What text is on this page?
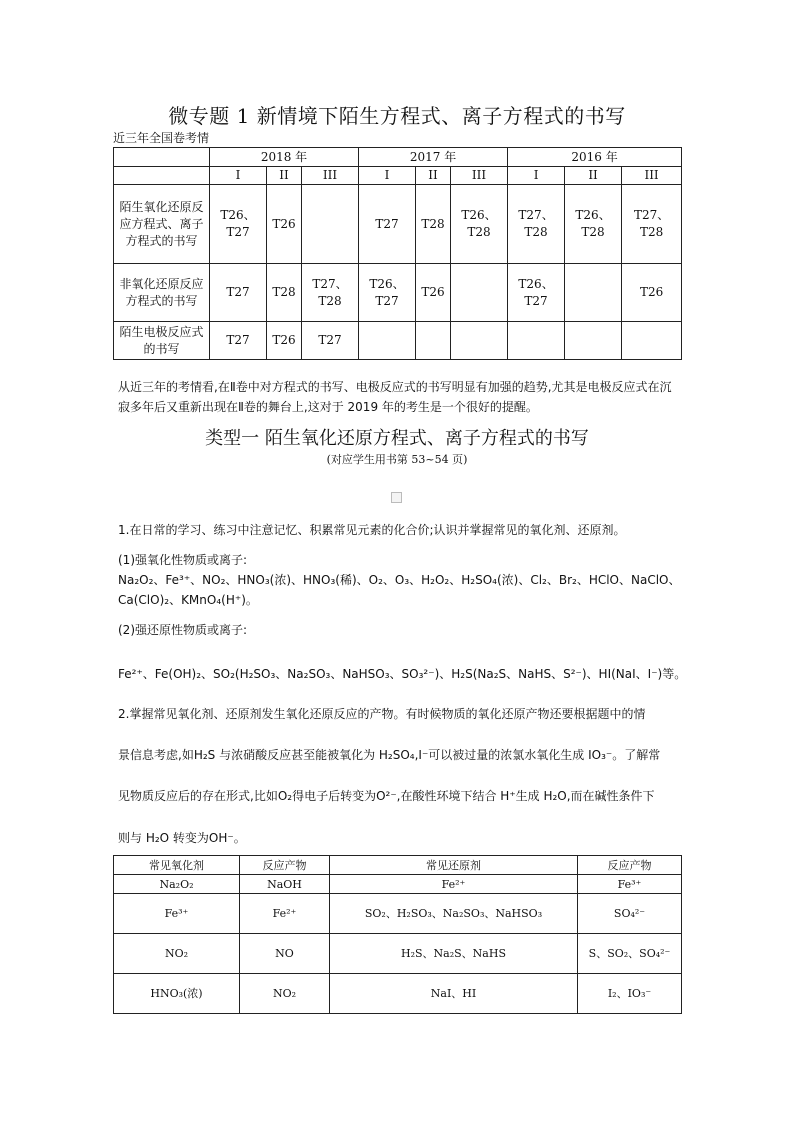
微专题 1 新情境下陌生方程式、离子方程式的书写
近三年全国卷考情
	2018 年			2017 年			2016 年		
	I	II	III	I	II	III	I	II	III
陌生氧化还原反应方程式、离子方程式的书写	T26、T27	T26		T27	T28	T26、T28	T27、T28	T26、T28	T27、T28
非氧化还原反应方程式的书写	T27	T28	T27、T28	T26、T27	T26		T26、T27		T26
陌生电极反应式的书写	T27	T26	T27						
从近三年的考情看,在Ⅱ卷中对方程式的书写、电极反应式的书写明显有加强的趋势,尤其是电极反应式在沉寂多年后又重新出现在Ⅱ卷的舞台上,这对于 2019 年的考生是一个很好的提醒。
类型一 陌生氧化还原方程式、离子方程式的书写
(对应学生用书第 53~54 页)
1.在日常的学习、练习中注意记忆、积累常见元素的化合价;认识并掌握常见的氧化剂、还原剂。
(1)强氧化性物质或离子:
Na₂O₂、Fe³⁺、NO₂、HNO₃(浓)、HNO₃(稀)、O₂、O₃、H₂O₂、H₂SO₄(浓)、Cl₂、Br₂、HClO、NaClO、
Ca(ClO)₂、KMnO₄(H⁺)。
(2)强还原性物质或离子:
Fe²⁺、Fe(OH)₂、SO₂(H₂SO₃、Na₂SO₃、NaHSO₃、SO₃²⁻)、H₂S(Na₂S、NaHS、S²⁻)、HI(NaI、I⁻)等。
2.掌握常见氧化剂、还原剂发生氧化还原反应的产物。有时候物质的氧化还原产物还要根据题中的情
景信息考虑,如H₂S 与浓硝酸反应甚至能被氧化为 H₂SO₄,I⁻可以被过量的浓氯水氧化生成 IO₃⁻。了解常
见物质反应后的存在形式,比如O₂得电子后转变为O²⁻,在酸性环境下结合 H⁺生成 H₂O,而在碱性条件下
则与 H₂O 转变为OH⁻。
常见氧化剂	反应产物	常见还原剂	反应产物
Na₂O₂	NaOH	Fe²⁺	Fe³⁺
Fe³⁺	Fe²⁺	SO₂、H₂SO₃、Na₂SO₃、NaHSO₃	SO₄²⁻
NO₂	NO	H₂S、Na₂S、NaHS	S、SO₂、SO₄²⁻
HNO₃(浓)	NO₂	NaI、HI	I₂、IO₃⁻
